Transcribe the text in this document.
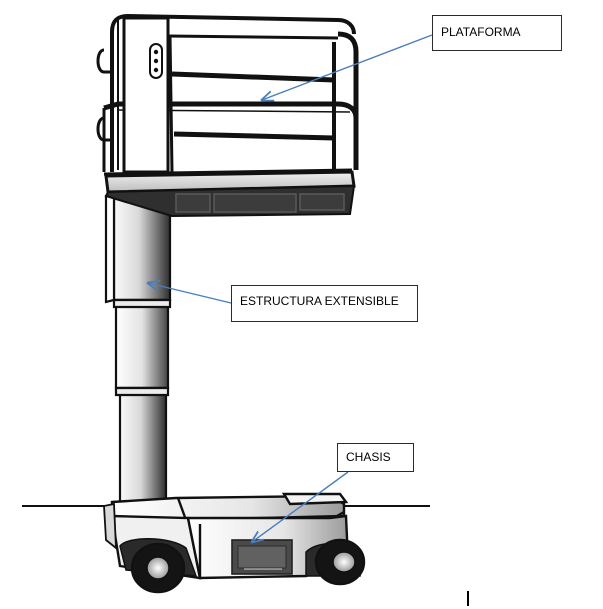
PLATAFORMA
ESTRUCTURA EXTENSIBLE
CHASIS
